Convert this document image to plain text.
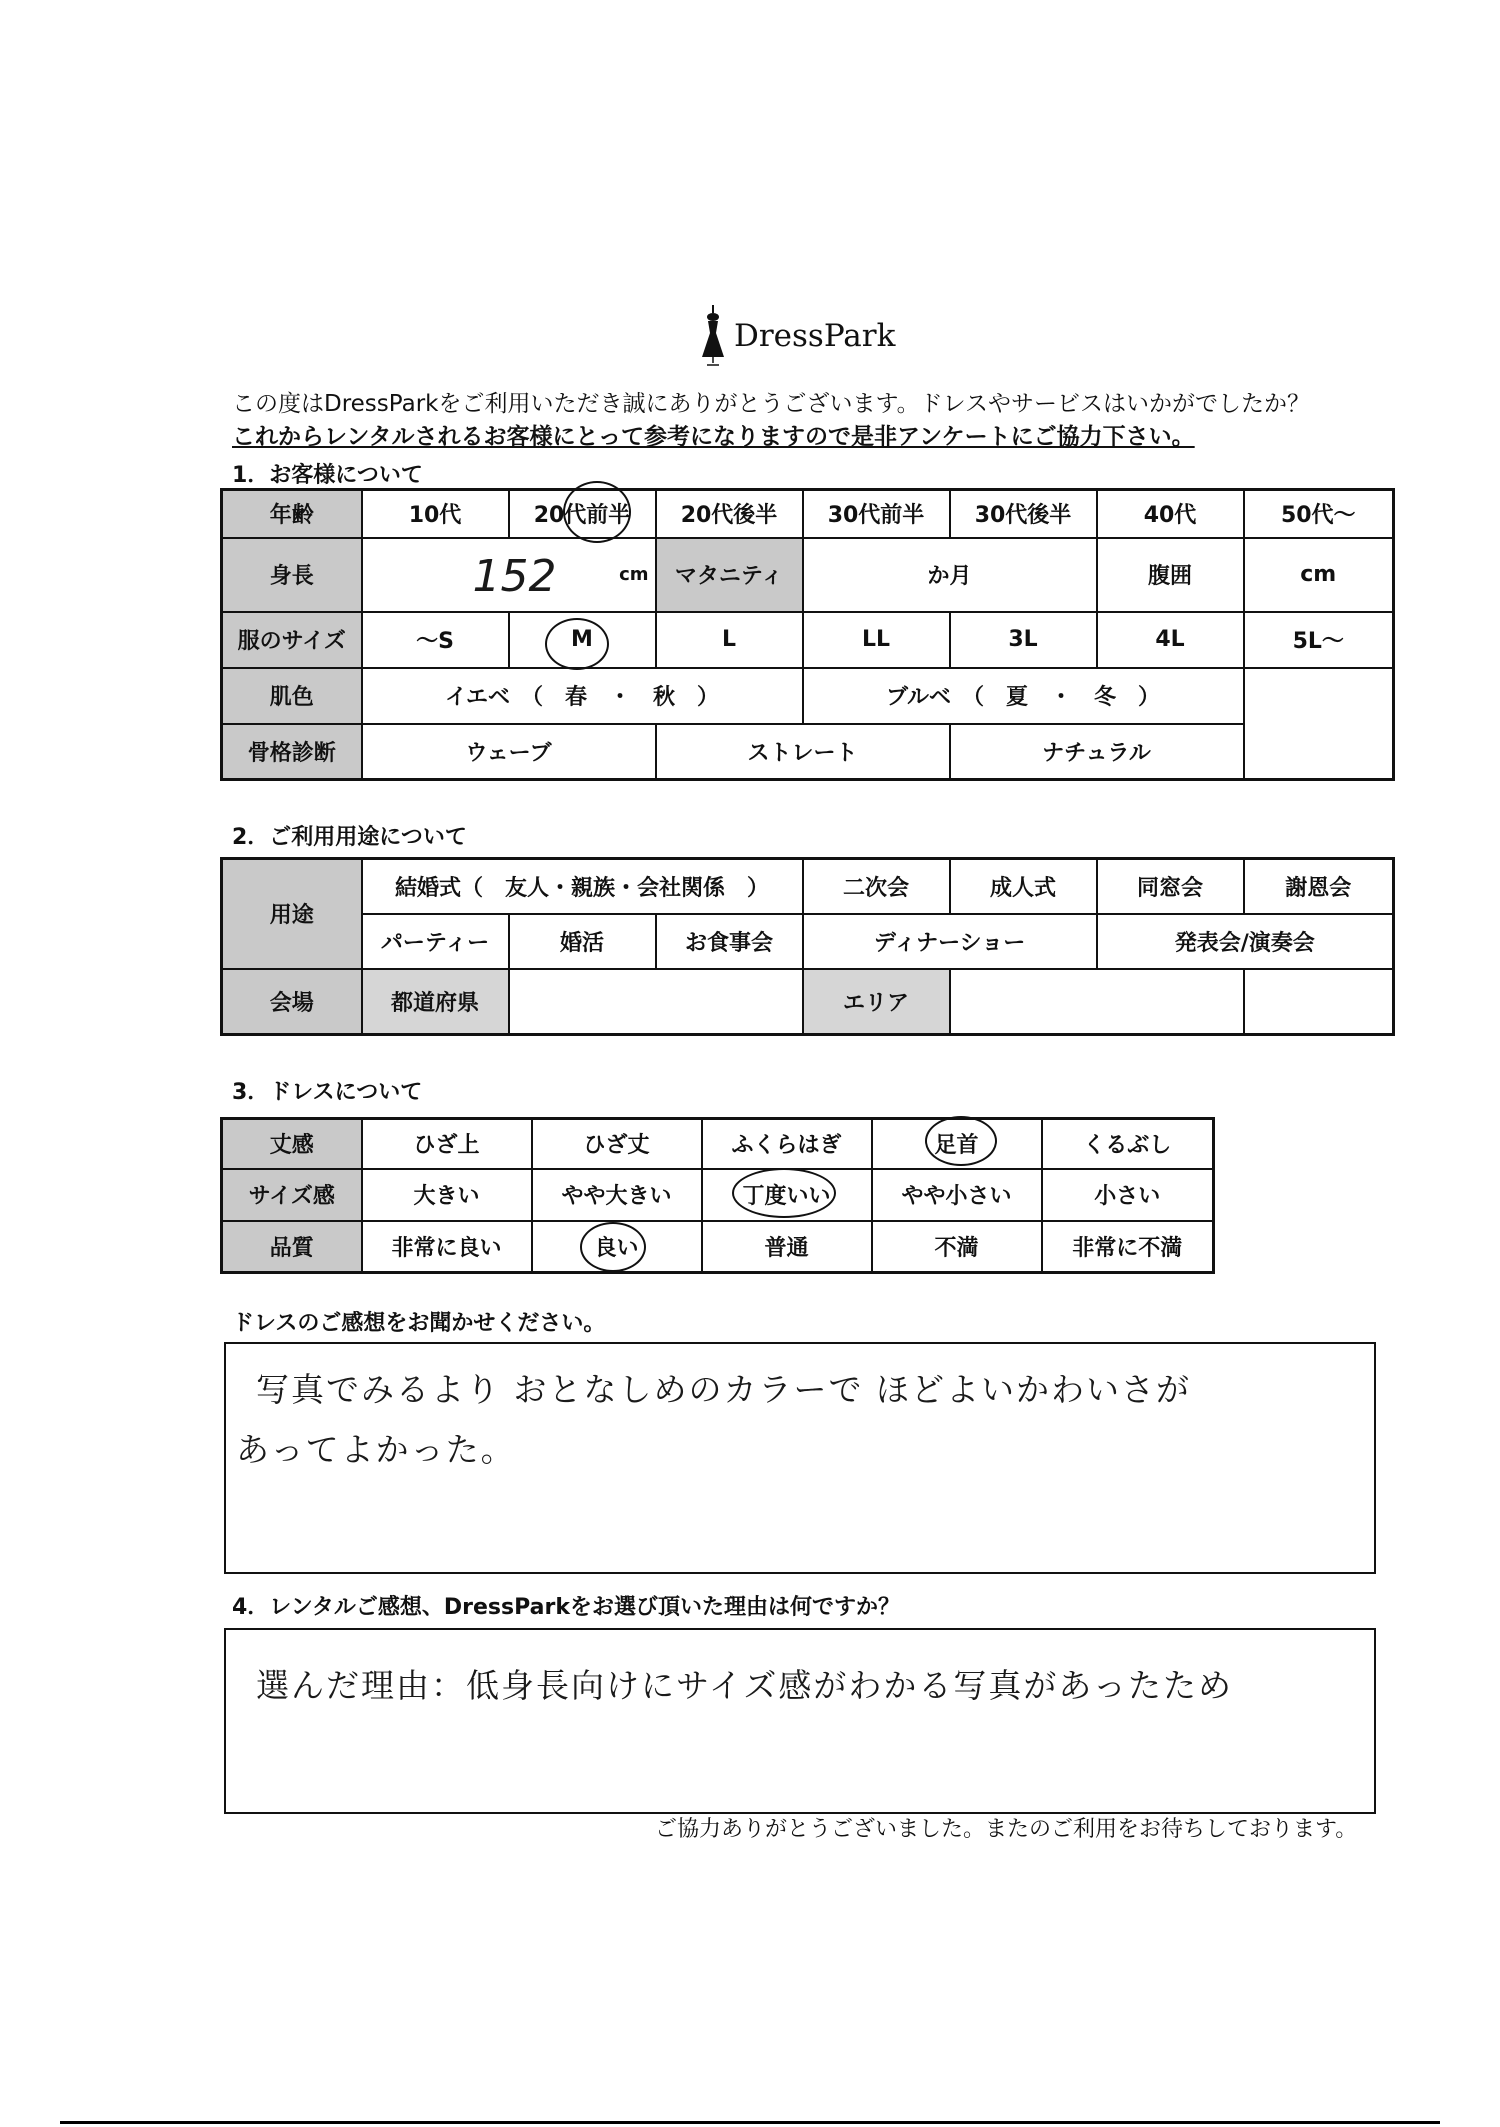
DressPark
この度はDressParkをご利用いただき誠にありがとうございます。ドレスやサービスはいかがでしたか？
これからレンタルされるお客様にとって参考になりますので是非アンケートにご協力下さい。
1．お客様について
年齢	10代	20代前半	20代後半	30代前半	30代後半	40代	50代～
身長	152 cm		マタニティ	か月		腹囲	cm
服のサイズ	～S	M	L	LL	3L	4L	5L～
肌色	イエベ　（　春　・　秋　）			ブルベ　（　夏　・　冬　）			
骨格診断	ウェーブ		ストレート		ナチュラル		
2．ご利用用途について
用途	結婚式（　友人・親族・会社関係　）			二次会	成人式	同窓会	謝恩会
	パーティー	婚活	お食事会	ディナーショー		発表会/演奏会	
会場	都道府県			エリア			
3．ドレスについて
丈感	ひざ上	ひざ丈	ふくらはぎ	足首	くるぶし
サイズ感	大きい	やや大きい	丁度いい	やや小さい	小さい
品質	非常に良い	良い	普通	不満	非常に不満
ドレスのご感想をお聞かせください。
写真でみるより おとなしめのカラーで ほどよいかわいさが
あってよかった。
4．レンタルご感想、DressParkをお選び頂いた理由は何ですか？
選んだ理由：低身長向けにサイズ感がわかる写真があったため
ご協力ありがとうございました。またのご利用をお待ちしております。
